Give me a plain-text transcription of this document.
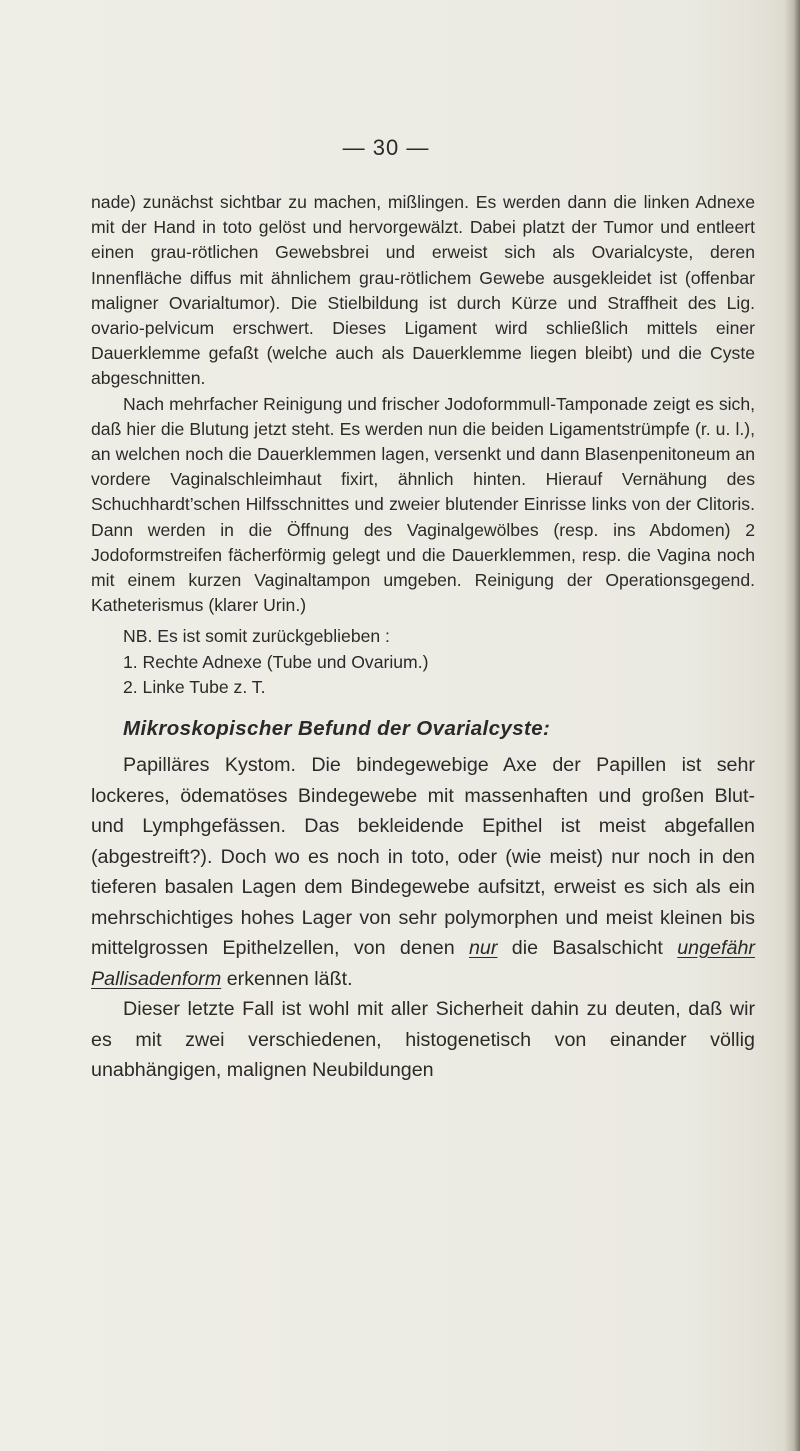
— 30 —

nade) zunächst sichtbar zu machen, mißlingen. Es werden dann die linken Adnexe mit der Hand in toto gelöst und hervorgewälzt. Dabei platzt der Tumor und entleert einen grau-rötlichen Gewebsbrei und erweist sich als Ovarialcyste, deren Innenfläche diffus mit ähnlichem grau-rötlichem Gewebe ausgekleidet ist (offenbar maligner Ovarialtumor). Die Stielbildung ist durch Kürze und Straffheit des Lig. ovario-pelvicum erschwert. Dieses Ligament wird schließlich mittels einer Dauerklemme gefaßt (welche auch als Dauerklemme liegen bleibt) und die Cyste abgeschnitten.

Nach mehrfacher Reinigung und frischer Jodoformmull-Tamponade zeigt es sich, daß hier die Blutung jetzt steht. Es werden nun die beiden Ligamentstrümpfe (r. u. l.), an welchen noch die Dauerklemmen lagen, versenkt und dann Blasenpenitoneum an vordere Vaginalschleimhaut fixirt, ähnlich hinten. Hierauf Vernähung des Schuchhardt’schen Hilfsschnittes und zweier blutender Einrisse links von der Clitoris. Dann werden in die Öffnung des Vaginalgewölbes (resp. ins Abdomen) 2 Jodoformstreifen fächerförmig gelegt und die Dauerklemmen, resp. die Vagina noch mit einem kurzen Vaginaltampon umgeben. Reinigung der Operationsgegend. Katheterismus (klarer Urin.)

NB. Es ist somit zurückgeblieben :

1. Rechte Adnexe (Tube und Ovarium.)

2. Linke Tube z. T.

Mikroskopischer Befund der Ovarialcyste:

Papilläres Kystom. Die bindegewebige Axe der Papillen ist sehr lockeres, ödematöses Bindegewebe mit massenhaften und großen Blut- und Lymphgefässen. Das bekleidende Epithel ist meist abgefallen (abgestreift?). Doch wo es noch in toto, oder (wie meist) nur noch in den tieferen basalen Lagen dem Bindegewebe aufsitzt, erweist es sich als ein mehrschichtiges hohes Lager von sehr polymorphen und meist kleinen bis mittelgrossen Epithelzellen, von denen nur die Basalschicht ungefähr Pallisadenform erkennen läßt.

Dieser letzte Fall ist wohl mit aller Sicherheit dahin zu deuten, daß wir es mit zwei verschiedenen, histogenetisch von einander völlig unabhängigen, malignen Neubildungen
